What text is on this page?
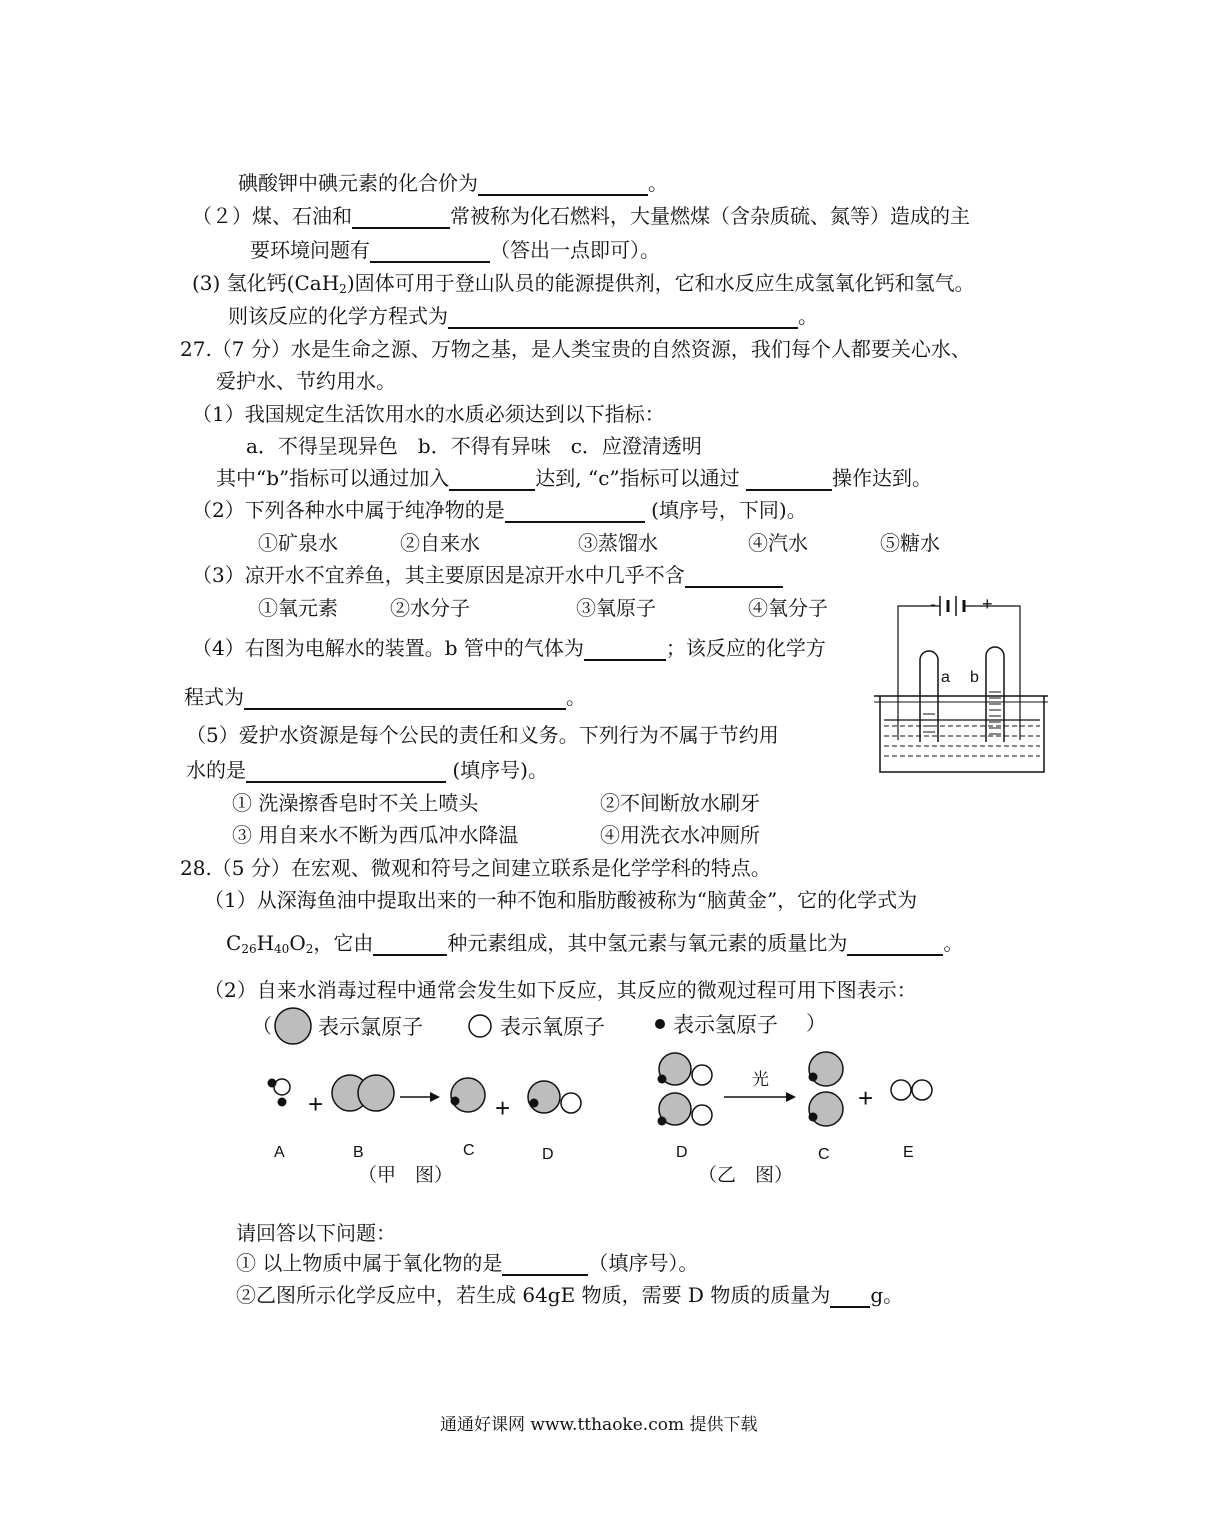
碘酸钾中碘元素的化合价为	。
（２）煤、石油和	常被称为化石燃料，大量燃煤（含杂质硫、氮等）造成的主
要环境问题有	（答出一点即可）。
(3) 氢化钙(CaH$_2$)固体可用于登山队员的能源提供剂，它和水反应生成氢氧化钙和氢气。
则该反应的化学方程式为	。
27.（7 分）水是生命之源、万物之基，是人类宝贵的自然资源，我们每个人都要关心水、
爱护水、节约用水。
（1）我国规定生活饮用水的水质必须达到以下指标：
a．不得呈现异色　b．不得有异味　c．应澄清透明
其中“b”指标可以通过加入	达到, “c”指标可以通过	操作达到。
（2）下列各种水中属于纯净物的是	(填序号，下同)。
①矿泉水	②自来水	③蒸馏水	④汽水	⑤糖水
（3）凉开水不宜养鱼，其主要原因是凉开水中几乎不含
①氧元素	②水分子	③氧原子	④氧分子
（4）右图为电解水的装置。b 管中的气体为	；该反应的化学方
程式为	。
（5）爱护水资源是每个公民的责任和义务。下列行为不属于节约用
水的是	(填序号)。
① 洗澡擦香皂时不关上喷头	②不间断放水刷牙
③ 用自来水不断为西瓜冲水降温	④用洗衣水冲厕所
-	+
a b
28.（5 分）在宏观、微观和符号之间建立联系是化学学科的特点。
（1）从深海鱼油中提取出来的一种不饱和脂肪酸被称为“脑黄金”，它的化学式为
$C_{26}H_{40}O_2$，它由	种元素组成，其中氢元素与氧元素的质量比为	。
（2）自来水消毒过程中通常会发生如下反应，其反应的微观过程可用下图表示：
（ 表示氯原子	表示氧原子	表示氢原子 ）
+	+
A	B	C	D
（甲　图）
光
+
D	C	E
（乙　图）
请回答以下问题：
① 以上物质中属于氧化物的是	（填序号）。
②乙图所示化学反应中，若生成 64gE 物质，需要 D 物质的质量为 g。
通通好课网 www.tthaoke.com 提供下载
